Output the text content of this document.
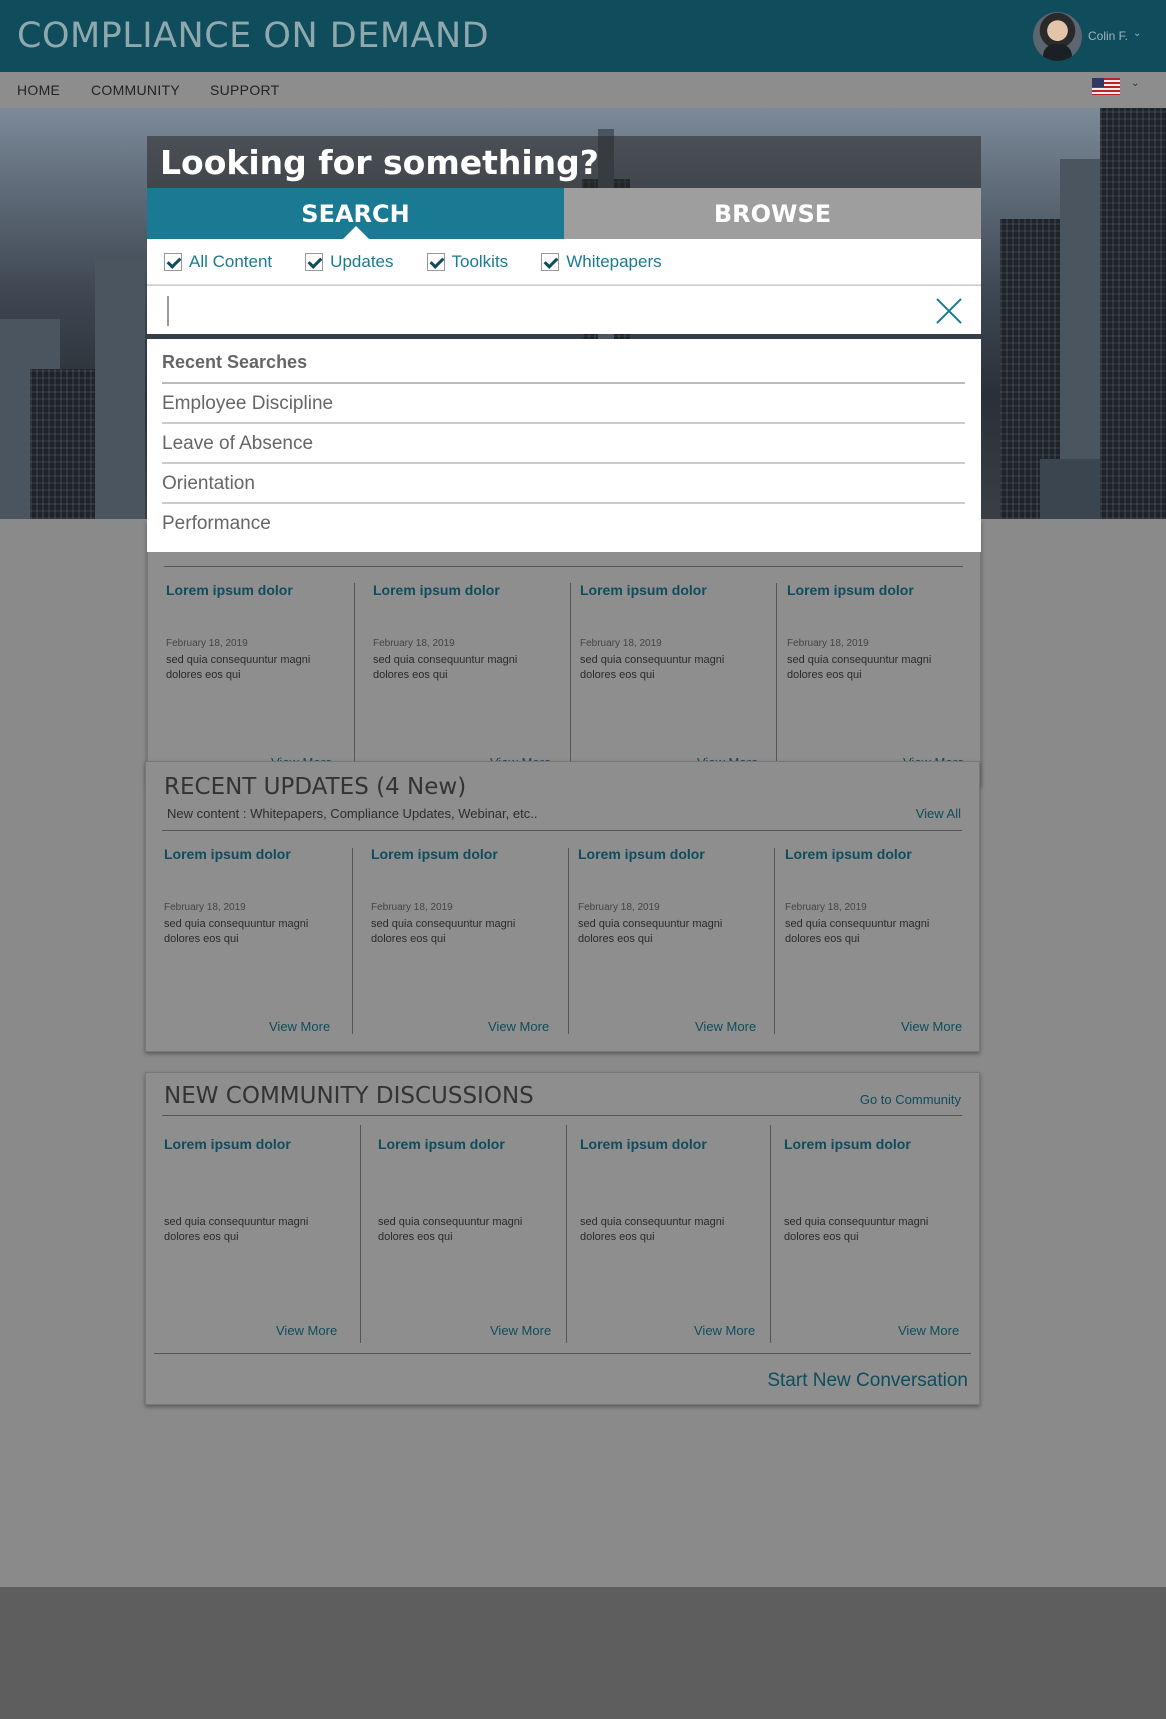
COMPLIANCE ON DEMAND	Colin F. ⌄
HOME COMMUNITY SUPPORT	⌄
Lorem ipsum dolor
February 18, 2019
sed quia consequuntur magni dolores eos qui
Lorem ipsum dolor
February 18, 2019
sed quia consequuntur magni dolores eos qui
Lorem ipsum dolor
February 18, 2019
sed quia consequuntur magni dolores eos qui
Lorem ipsum dolor
February 18, 2019
sed quia consequuntur magni dolores eos qui
RECENT UPDATES (4 New)
New content : Whitepapers, Compliance Updates, Webinar, etc..	View All
Lorem ipsum dolor
February 18, 2019
sed quia consequuntur magni dolores eos qui
View More
Lorem ipsum dolor
February 18, 2019
sed quia consequuntur magni dolores eos qui
View More
Lorem ipsum dolor
February 18, 2019
sed quia consequuntur magni dolores eos qui
View More
Lorem ipsum dolor
February 18, 2019
sed quia consequuntur magni dolores eos qui
View More
NEW COMMUNITY DISCUSSIONS	Go to Community
Lorem ipsum dolor
sed quia consequuntur magni dolores eos qui
View More
Lorem ipsum dolor
sed quia consequuntur magni dolores eos qui
View More
Lorem ipsum dolor
sed quia consequuntur magni dolores eos qui
View More
Lorem ipsum dolor
sed quia consequuntur magni dolores eos qui
View More
Start New Conversation
Looking for something?
SEARCH	BROWSE
All Content	Updates	Toolkits	Whitepapers
Recent Searches
Employee Discipline
Leave of Absence
Orientation
Performance
